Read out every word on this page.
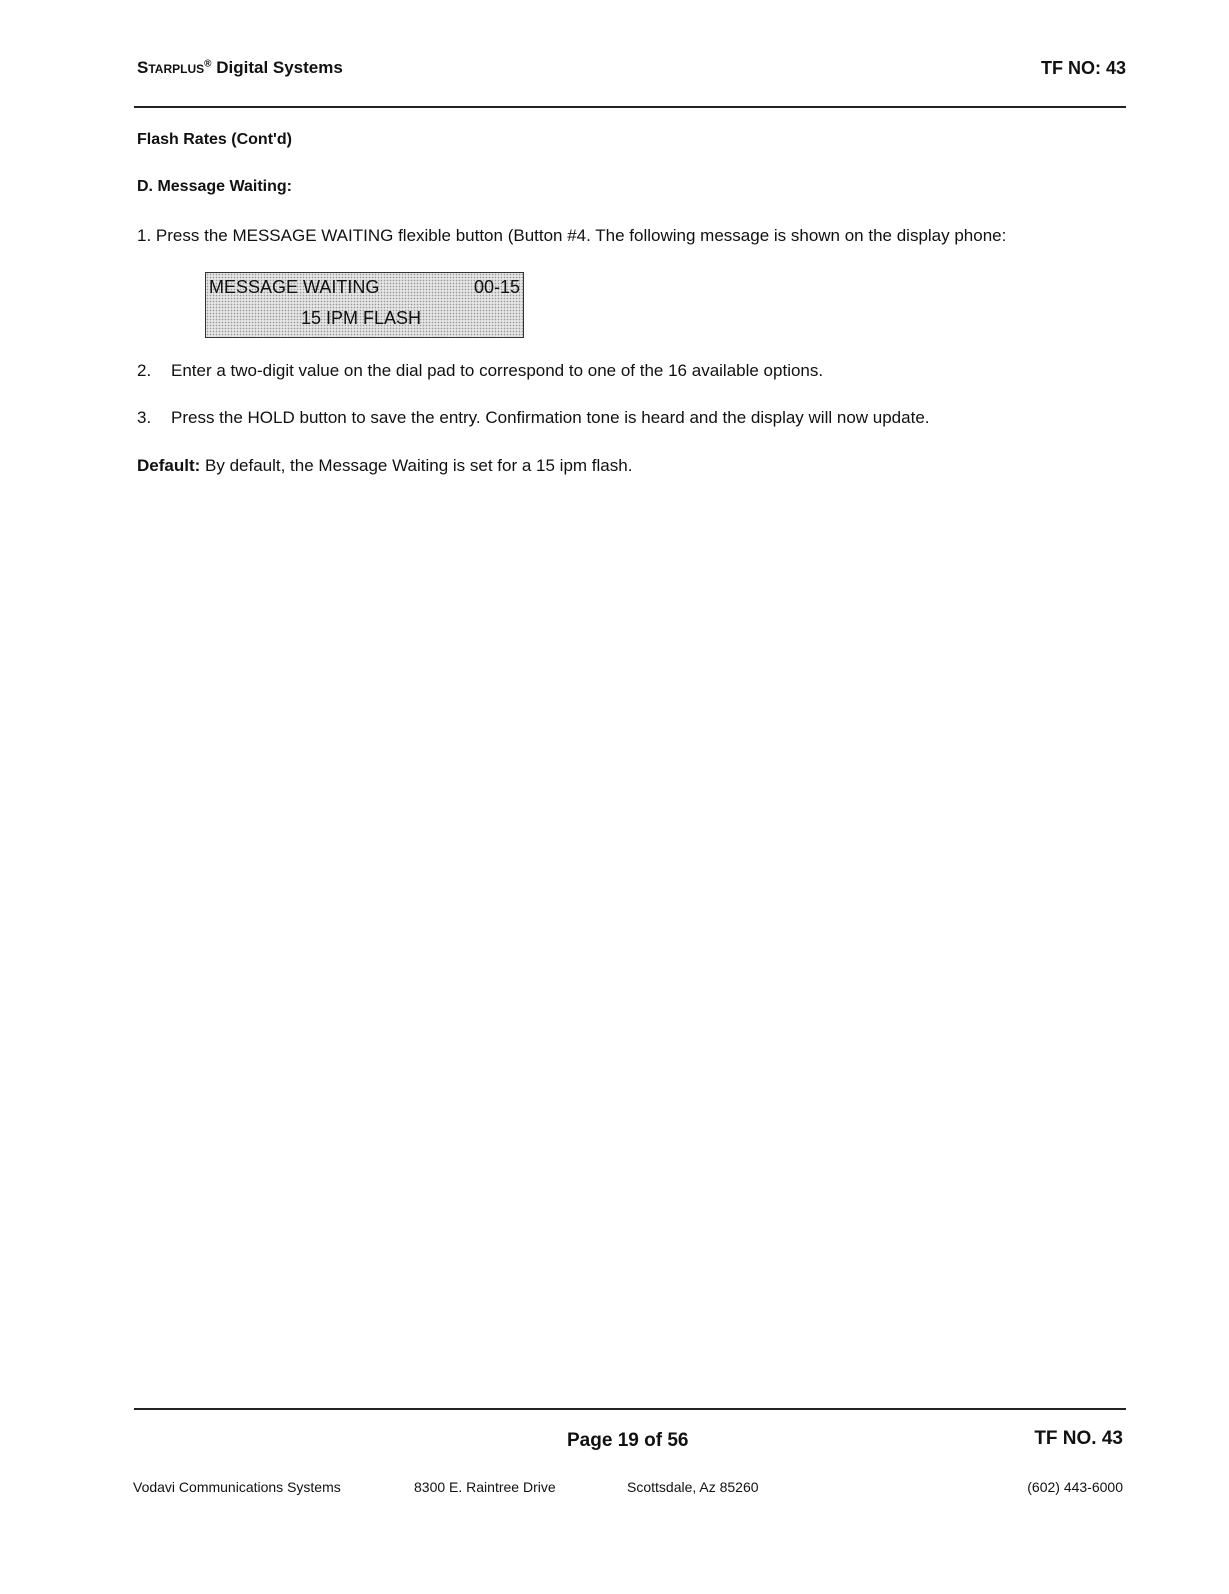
Starplus® Digital Systems	TF NO: 43
Flash Rates (Cont'd)
D. Message Waiting:
1. Press the MESSAGE WAITING flexible button (Button #4. The following message is shown on the display phone:
MESSAGE WAITING	00-15
15 IPM FLASH
2. Enter a two-digit value on the dial pad to correspond to one of the 16 available options.
3. Press the HOLD button to save the entry. Confirmation tone is heard and the display will now update.
Default: By default, the Message Waiting is set for a 15 ipm flash.
Page 19 of 56	TF NO. 43
Vodavi Communications Systems	8300 E. Raintree Drive	Scottsdale, Az 85260	(602) 443-6000
